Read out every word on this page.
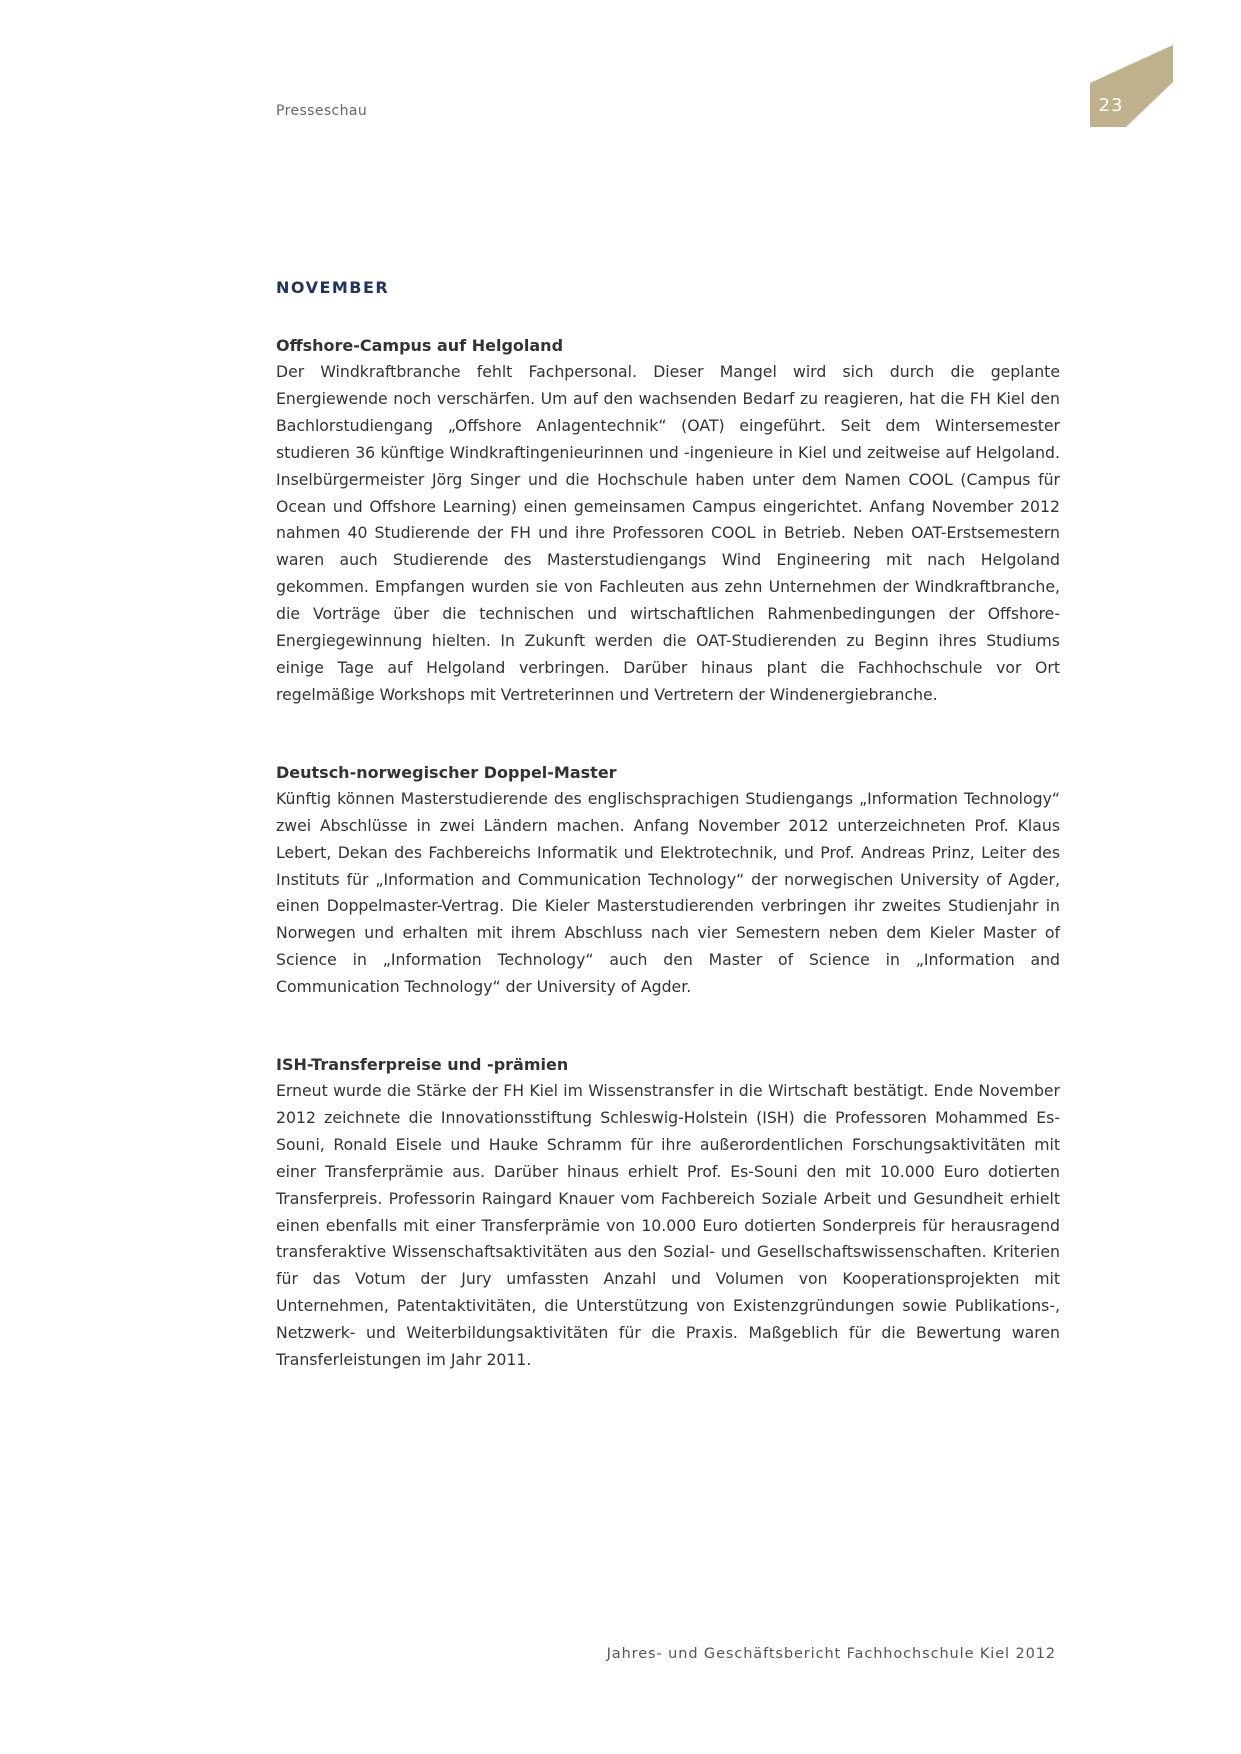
Presseschau	23
NOVEMBER
Offshore-Campus auf Helgoland

Der Windkraftbranche fehlt Fachpersonal. Dieser Mangel wird sich durch die geplante Energiewende noch verschärfen. Um auf den wachsenden Bedarf zu reagieren, hat die FH Kiel den Bachlorstudiengang „Offshore Anlagentechnik“ (OAT) eingeführt. Seit dem Wintersemester studieren 36 künftige Windkraftingenieurinnen und -ingenieure in Kiel und zeitweise auf Helgoland. Inselbürgermeister Jörg Singer und die Hochschule haben unter dem Namen COOL (Campus für Ocean und Offshore Learning) einen gemeinsamen Campus eingerichtet. Anfang November 2012 nahmen 40 Studierende der FH und ihre Professoren COOL in Betrieb. Neben OAT-Erstsemestern waren auch Studierende des Masterstudiengangs Wind Engineering mit nach Helgoland gekommen. Empfangen wurden sie von Fachleuten aus zehn Unternehmen der Windkraftbranche, die Vorträge über die technischen und wirtschaftlichen Rahmenbedingungen der Offshore-Energiegewinnung hielten. In Zukunft werden die OAT-Studierenden zu Beginn ihres Studiums einige Tage auf Helgoland verbringen. Darüber hinaus plant die Fachhochschule vor Ort regelmäßige Workshops mit Vertreterinnen und Vertretern der Windenergiebranche.

Deutsch-norwegischer Doppel-Master

Künftig können Masterstudierende des englischsprachigen Studiengangs „Information Technology“ zwei Abschlüsse in zwei Ländern machen. Anfang November 2012 unterzeichneten Prof. Klaus Lebert, Dekan des Fachbereichs Informatik und Elektrotechnik, und Prof. Andreas Prinz, Leiter des Instituts für „Information and Communication Technology“ der norwegischen University of Agder, einen Doppelmaster-Vertrag. Die Kieler Masterstudierenden verbringen ihr zweites Studienjahr in Norwegen und erhalten mit ihrem Abschluss nach vier Semestern neben dem Kieler Master of Science in „Information Technology“ auch den Master of Science in „Information and Communication Technology“ der University of Agder.

ISH-Transferpreise und -prämien

Erneut wurde die Stärke der FH Kiel im Wissenstransfer in die Wirtschaft bestätigt. Ende November 2012 zeichnete die Innovationsstiftung Schleswig-Holstein (ISH) die Professoren Mohammed Es-Souni, Ronald Eisele und Hauke Schramm für ihre außerordentlichen Forschungsaktivitäten mit einer Transferprämie aus. Darüber hinaus erhielt Prof. Es-Souni den mit 10.000 Euro dotierten Transferpreis. Professorin Raingard Knauer vom Fachbereich Soziale Arbeit und Gesundheit erhielt einen ebenfalls mit einer Transferprämie von 10.000 Euro dotierten Sonderpreis für herausragend transferaktive Wissenschaftsaktivitäten aus den Sozial- und Gesellschaftswissenschaften. Kriterien für das Votum der Jury umfassten Anzahl und Volumen von Kooperationsprojekten mit Unternehmen, Patentaktivitäten, die Unterstützung von Existenzgründungen sowie Publikations-, Netzwerk- und Weiterbildungsaktivitäten für die Praxis. Maßgeblich für die Bewertung waren Transferleistungen im Jahr 2011.

Jahres- und Geschäftsbericht Fachhochschule Kiel 2012
